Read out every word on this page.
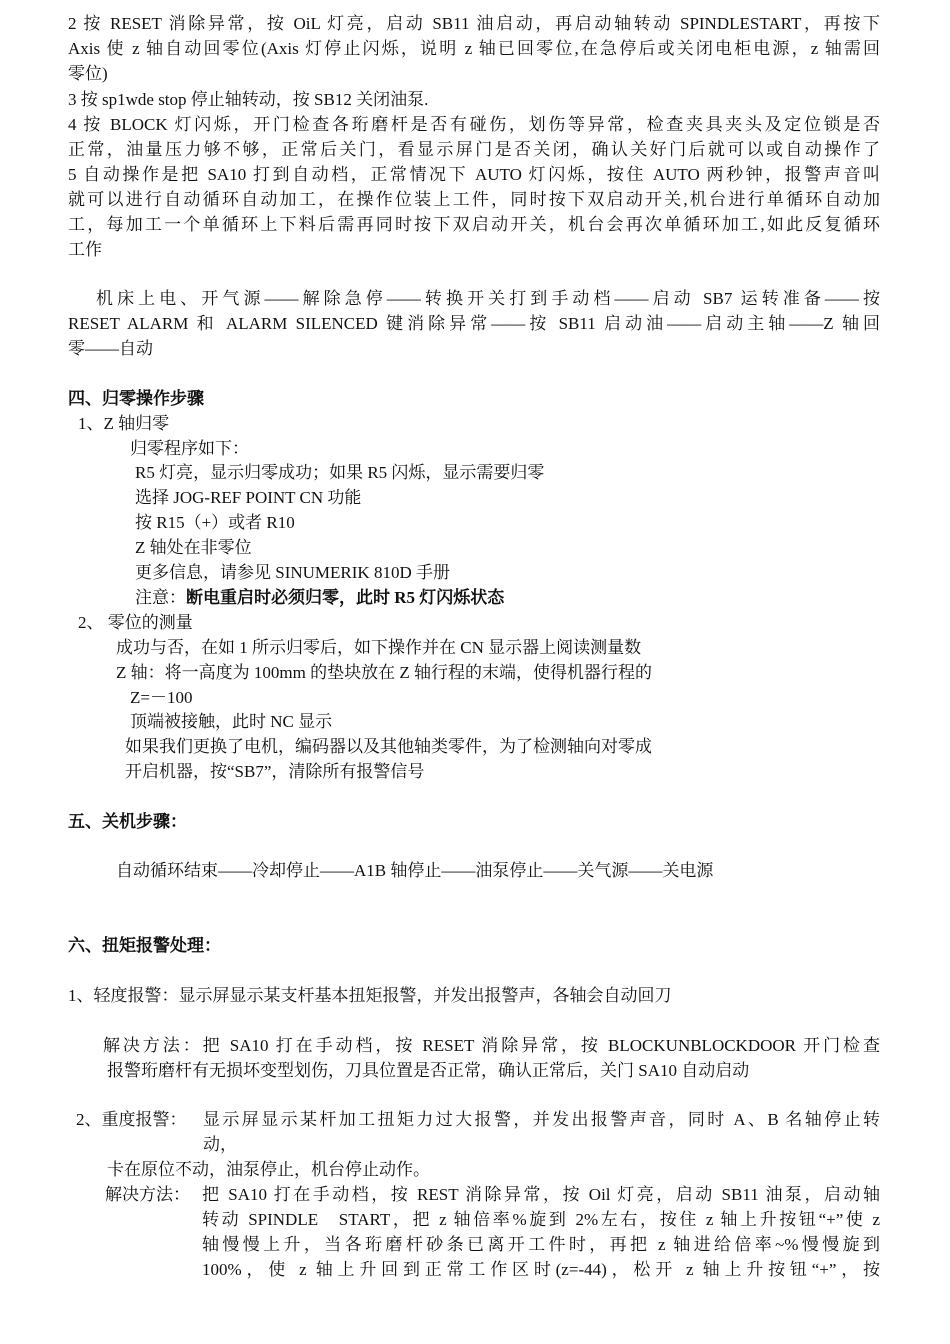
2 按 RESET 消除异常，按 OiL 灯亮，启动 SB11 油启动，再启动轴转动 SPINDLESTART，再按下
Axis 使 z 轴自动回零位(Axis 灯停止闪烁，说明 z 轴已回零位,在急停后或关闭电柜电源，z 轴需回
零位)
3 按 sp1wde stop 停止轴转动，按 SB12 关闭油泵.
4 按 BLOCK 灯闪烁，开门检查各珩磨杆是否有碰伤，划伤等异常，检查夹具夹头及定位锁是否
正常，油量压力够不够，正常后关门，看显示屏门是否关闭，确认关好门后就可以或自动操作了
5 自动操作是把 SA10 打到自动档，正常情况下 AUTO 灯闪烁，按住 AUTO 两秒钟，报警声音叫
就可以进行自动循环自动加工，在操作位装上工件，同时按下双启动开关,机台进行单循环自动加
工，每加工一个单循环上下料后需再同时按下双启动开关，机台会再次单循环加工,如此反复循环
工作
机床上电、开气源——解除急停——转换开关打到手动档——启动 SB7 运转准备——按
RESET ALARM 和 ALARM SILENCED 键消除异常——按 SB11 启动油——启动主轴——Z 轴回
零——自动
四、归零操作步骤
1、Z 轴归零
归零程序如下：
R5 灯亮，显示归零成功；如果 R5 闪烁，显示需要归零
选择 JOG-REF POINT CN 功能
按 R15（+）或者 R10
Z 轴处在非零位
更多信息，请参见 SINUMERIK 810D 手册
注意：断电重启时必须归零，此时 R5 灯闪烁状态
2、 零位的测量
成功与否，在如 1 所示归零后，如下操作并在 CN 显示器上阅读测量数
Z 轴：将一高度为 100mm 的垫块放在 Z 轴行程的末端，使得机器行程的
Z=－100
顶端被接触，此时 NC 显示
如果我们更换了电机，编码器以及其他轴类零件，为了检测轴向对零成
开启机器，按“SB7”，清除所有报警信号
五、关机步骤：
自动循环结束——冷却停止——A1B 轴停止——油泵停止——关气源——关电源
六、扭矩报警处理：
1、轻度报警：显示屏显示某支杆基本扭矩报警，并发出报警声，各轴会自动回刀
解决方法：把 SA10 打在手动档，按 RESET 消除异常，按 BLOCKUNBLOCKDOOR 开门检查
报警珩磨杆有无损坏变型划伤，刀具位置是否正常，确认正常后，关门 SA10 自动启动
2、重度报警： 显示屏显示某杆加工扭矩力过大报警，并发出报警声音，同时 A、B 名轴停止转
动，
卡在原位不动，油泵停止，机台停止动作。
解决方法： 把 SA10 打在手动档，按 REST 消除异常，按 Oil 灯亮，启动 SB11 油泵，启动轴
转动 SPINDLE   START，把 z 轴倍率%旋到 2%左右，按住 z 轴上升按钮“+”使 z
轴慢慢上升，当各珩磨杆砂条已离开工件时，再把 z 轴进给倍率~%慢慢旋到
100%，使 z 轴上升回到正常工作区时(z=-44)，松开 z 轴上升按钮“+”，按
